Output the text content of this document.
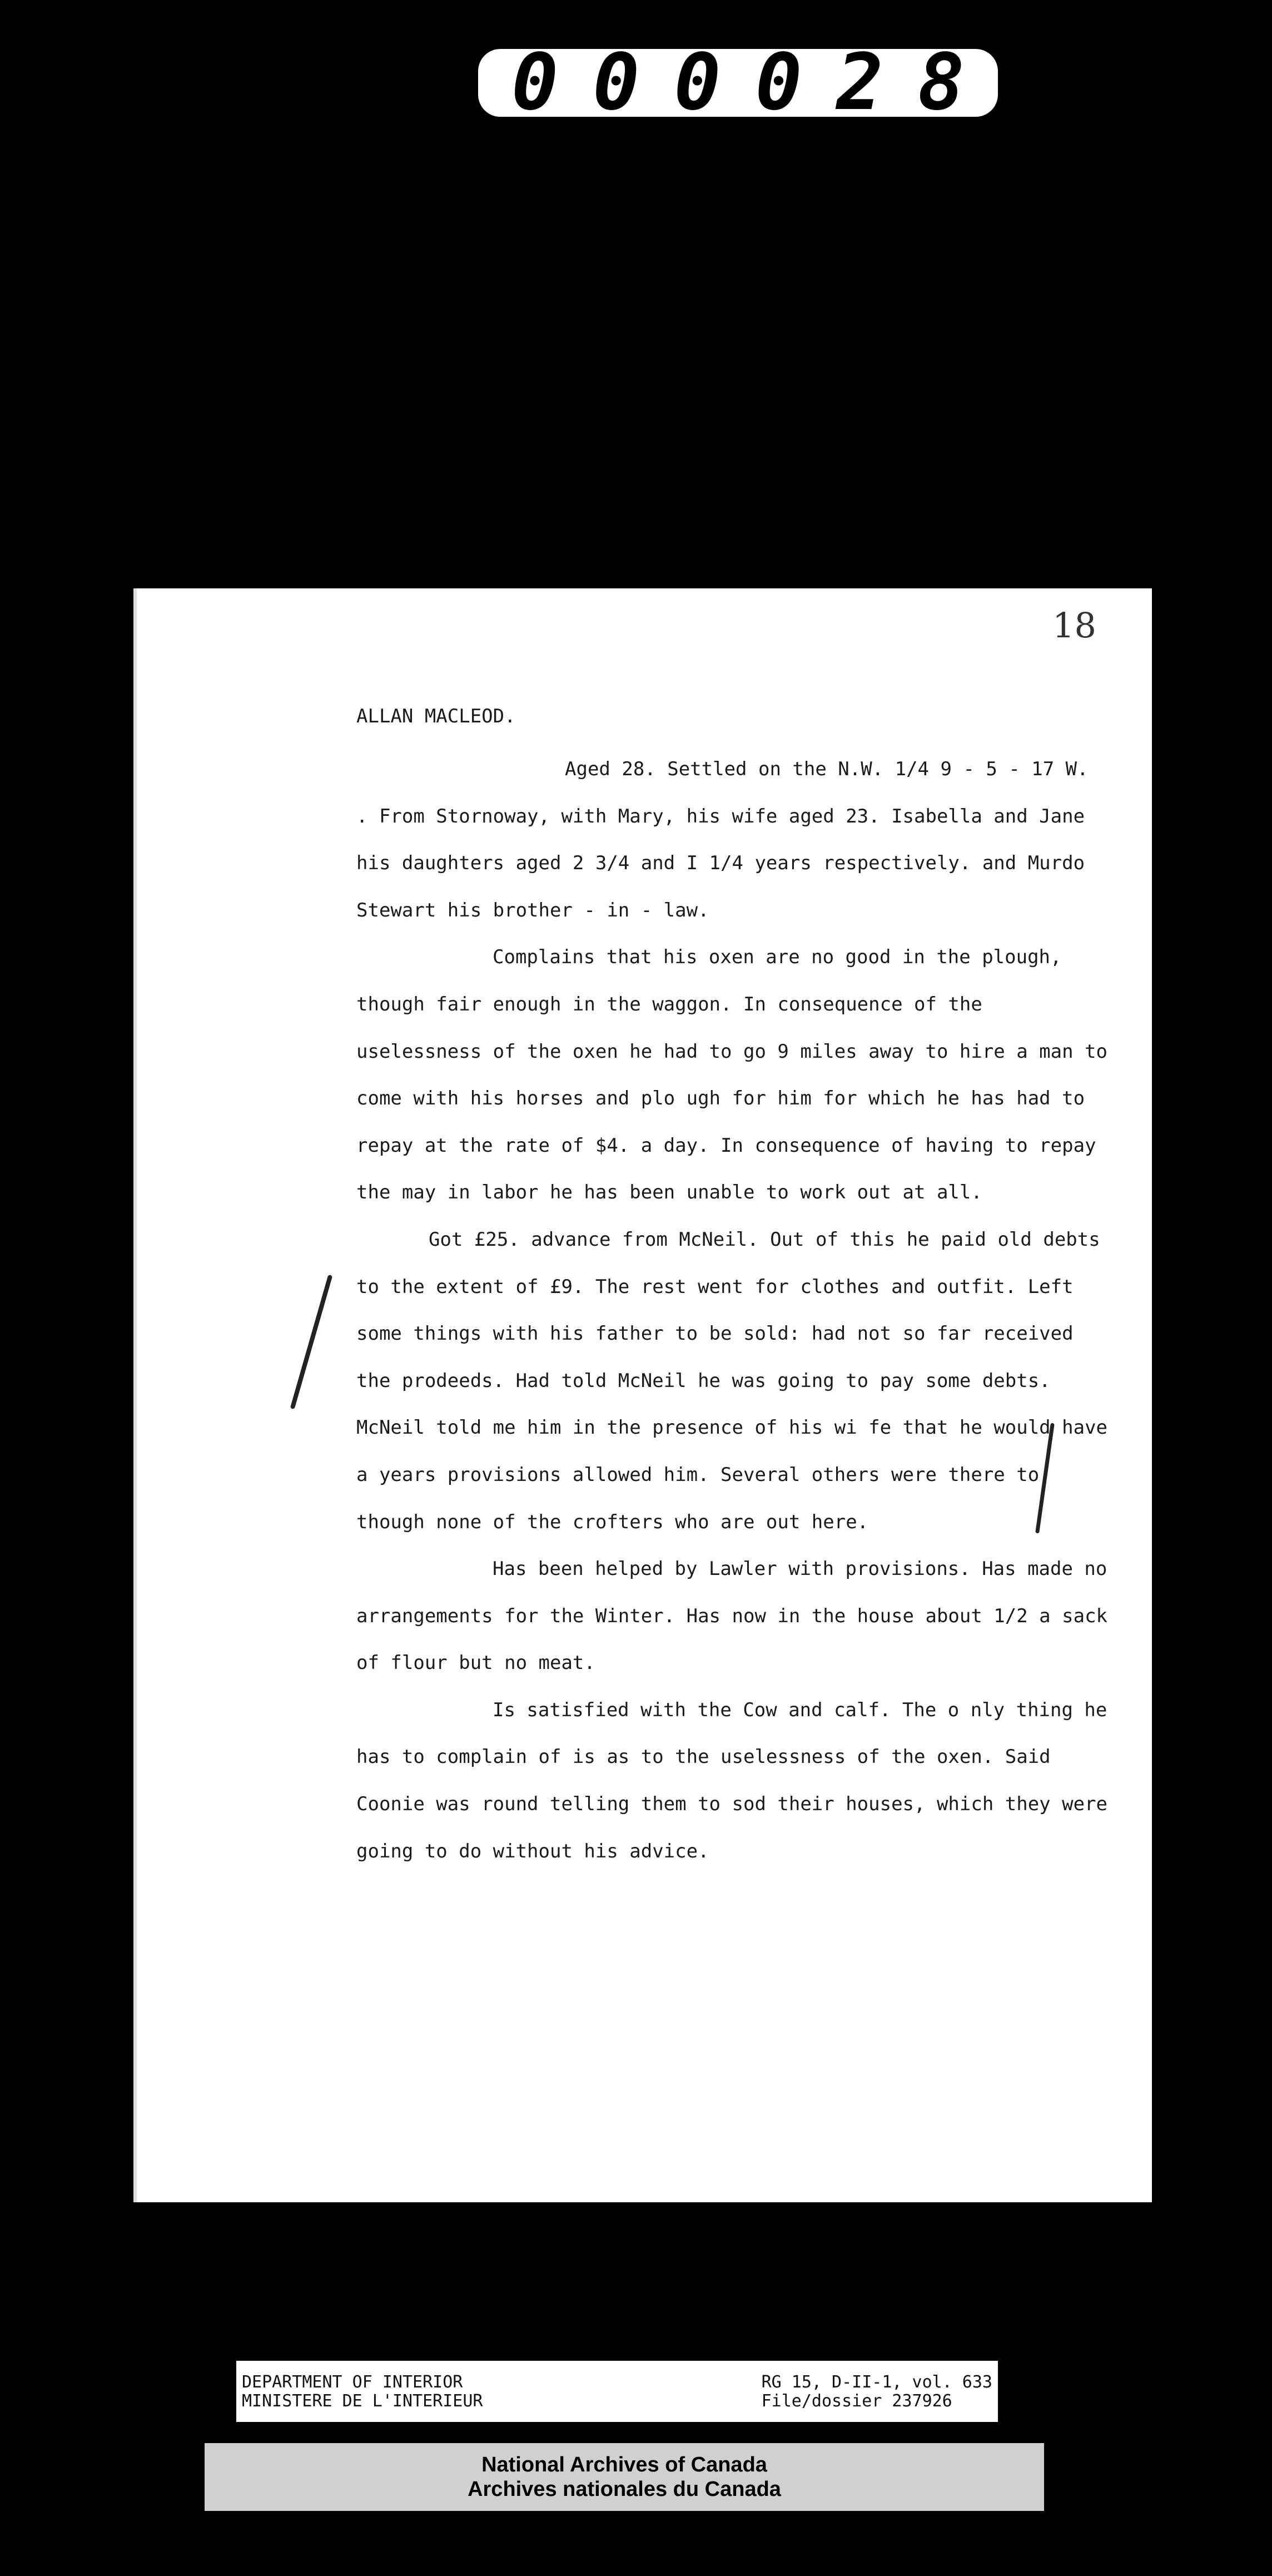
0 0 0 0 2 8
18
ALLAN MACLEOD.

Aged 28. Settled on the N.W. 1/4 9 - 5 - 17 W. . From Stornoway, with Mary, his wife aged 23. Isabella and Jane his daughters aged 2 3/4 and I 1/4 years respectively. and Murdo Stewart his brother - in - law.

Complains that his oxen are no good in the plough, though fair enough in the waggon. In consequence of the uselessness of the oxen he had to go 9 miles away to hire a man to come with his horses and plo ugh for him for which he has had to repay at the rate of $4. a day. In consequence of having to repay the may in labor he has been unable to work out at all.

Got £25. advance from McNeil. Out of this he paid old debts to the extent of £9. The rest went for clothes and outfit. Left some things with his father to be sold: had not so far received the prodeeds. Had told McNeil he was going to pay some debts. McNeil told me him in the presence of his wi fe that he would have a years provisions allowed him. Several others were there to though none of the crofters who are out here.

Has been helped by Lawler with provisions. Has made no arrangements for the Winter. Has now in the house about 1/2 a sack of flour but no meat.

Is satisfied with the Cow and calf. The o nly thing he has to complain of is as to the uselessness of the oxen. Said Coonie was round telling them to sod their houses, which they were going to do without his advice.

DEPARTMENT OF INTERIOR
MINISTERE DE L'INTERIEUR
RG 15, D-II-1, vol. 633
File/dossier 237926
National Archives of Canada
Archives nationales du Canada
